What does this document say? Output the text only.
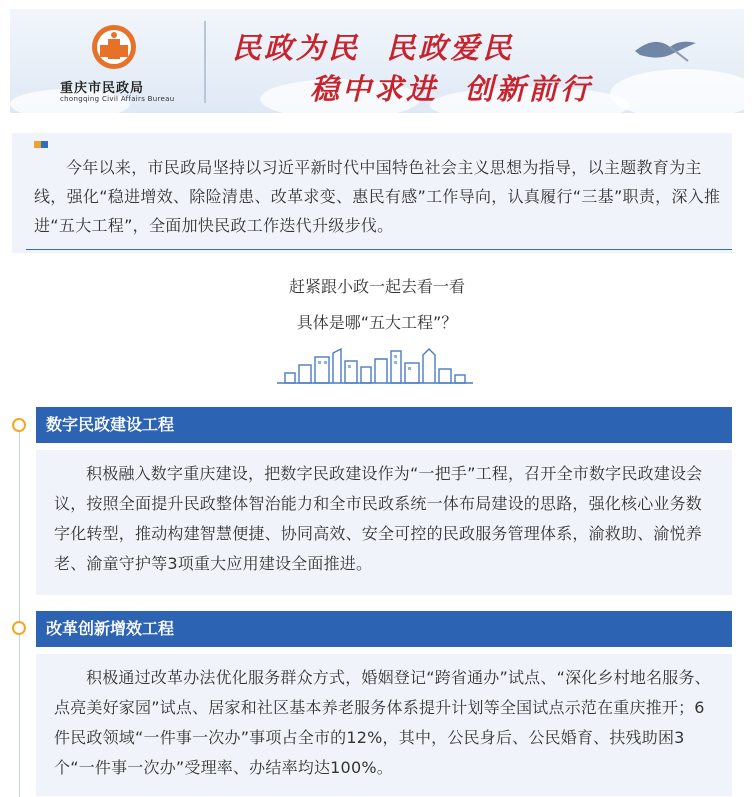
重庆市民政局
chongqing Civil Affairs Bureau
民政为民  民政爱民
稳中求进  创新前行
今年以来，市民政局坚持以习近平新时代中国特色社会主义思想为指导，以主题教育为主线，强化“稳进增效、除险清患、改革求变、惠民有感”工作导向，认真履行“三基”职责，深入推进“五大工程”，全面加快民政工作迭代升级步伐。
赶紧跟小政一起去看一看
具体是哪“五大工程”？
数字民政建设工程
积极融入数字重庆建设，把数字民政建设作为“一把手”工程，召开全市数字民政建设会议，按照全面提升民政整体智治能力和全市民政系统一体布局建设的思路，强化核心业务数字化转型，推动构建智慧便捷、协同高效、安全可控的民政服务管理体系，渝救助、渝悦养老、渝童守护等3项重大应用建设全面推进。
改革创新增效工程
积极通过改革办法优化服务群众方式，婚姻登记“跨省通办”试点、“深化乡村地名服务、点亮美好家园”试点、居家和社区基本养老服务体系提升计划等全国试点示范在重庆推开；6件民政领域“一件事一次办”事项占全市的12%，其中，公民身后、公民婚育、扶残助困3个“一件事一次办”受理率、办结率均达100%。
